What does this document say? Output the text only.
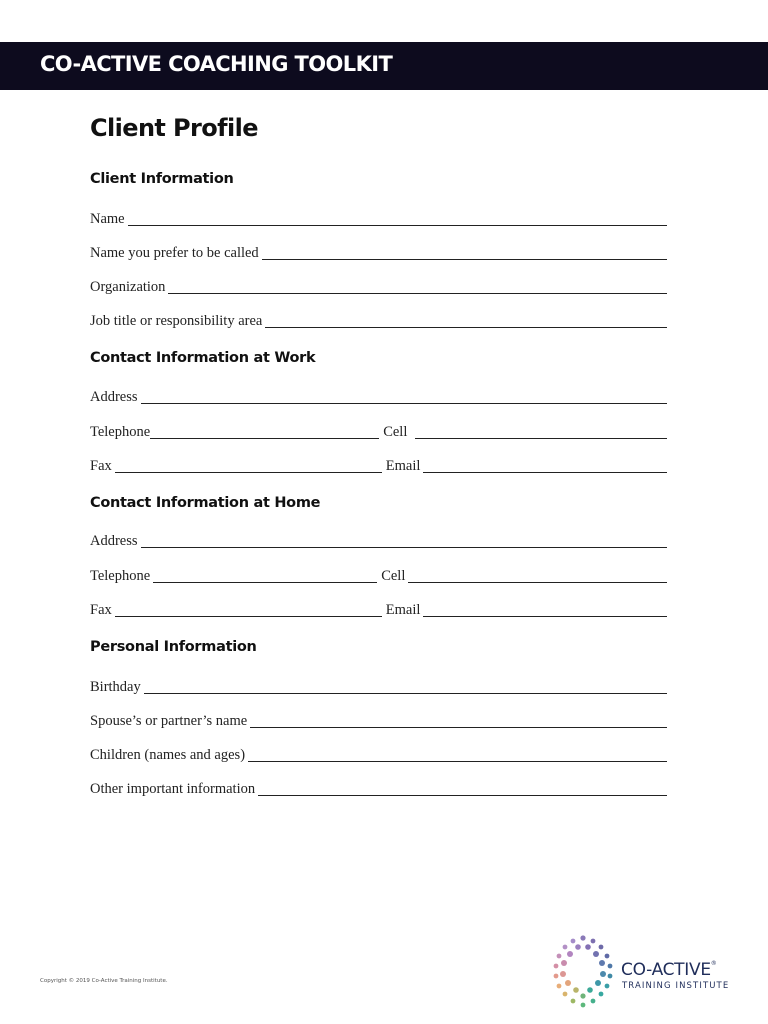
CO-ACTIVE COACHING TOOLKIT
Client Profile
Client Information
Name
Name you prefer to be called
Organization
Job title or responsibility area
Contact Information at Work
Address
Telephone	Cell
Fax	Email
Contact Information at Home
Address
Telephone	Cell
Fax	Email
Personal Information
Birthday
Spouse’s or partner’s name
Children (names and ages)
Other important information
Copyright © 2019 Co-Active Training Institute.
CO-ACTIVE®
TRAINING INSTITUTE
